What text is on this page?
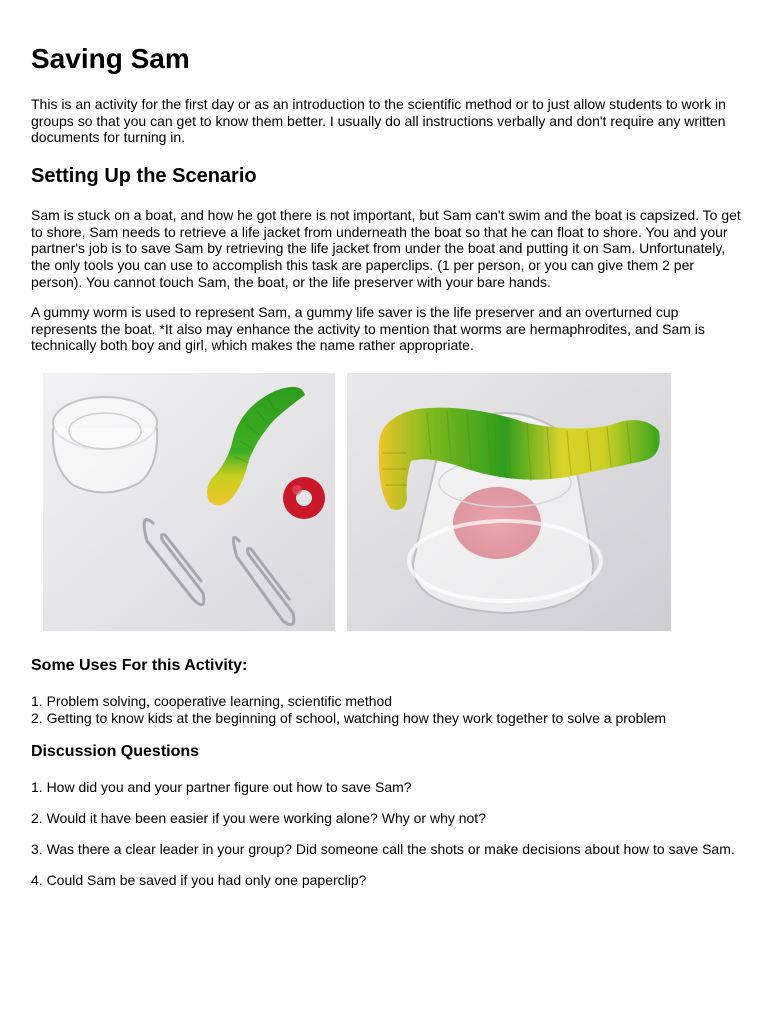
Saving Sam

This is an activity for the first day or as an introduction to the scientific method or to just allow students to work in groups so that you can get to know them better. I usually do all instructions verbally and don't require any written documents for turning in.

Setting Up the Scenario

Sam is stuck on a boat, and how he got there is not important, but Sam can't swim and the boat is capsized. To get to shore, Sam needs to retrieve a life jacket from underneath the boat so that he can float to shore. You and your partner's job is to save Sam by retrieving the life jacket from under the boat and putting it on Sam. Unfortunately, the only tools you can use to accomplish this task are paperclips. (1 per person, or you can give them 2 per person). You cannot touch Sam, the boat, or the life preserver with your bare hands.

A gummy worm is used to represent Sam, a gummy life saver is the life preserver and an overturned cup represents the boat. *It also may enhance the activity to mention that worms are hermaphrodites, and Sam is technically both boy and girl, which makes the name rather appropriate.

Some Uses For this Activity:

1. Problem solving, cooperative learning, scientific method

2. Getting to know kids at the beginning of school, watching how they work together to solve a problem

Discussion Questions

1. How did you and your partner figure out how to save Sam?

2. Would it have been easier if you were working alone? Why or why not?

3. Was there a clear leader in your group? Did someone call the shots or make decisions about how to save Sam.

4. Could Sam be saved if you had only one paperclip?
